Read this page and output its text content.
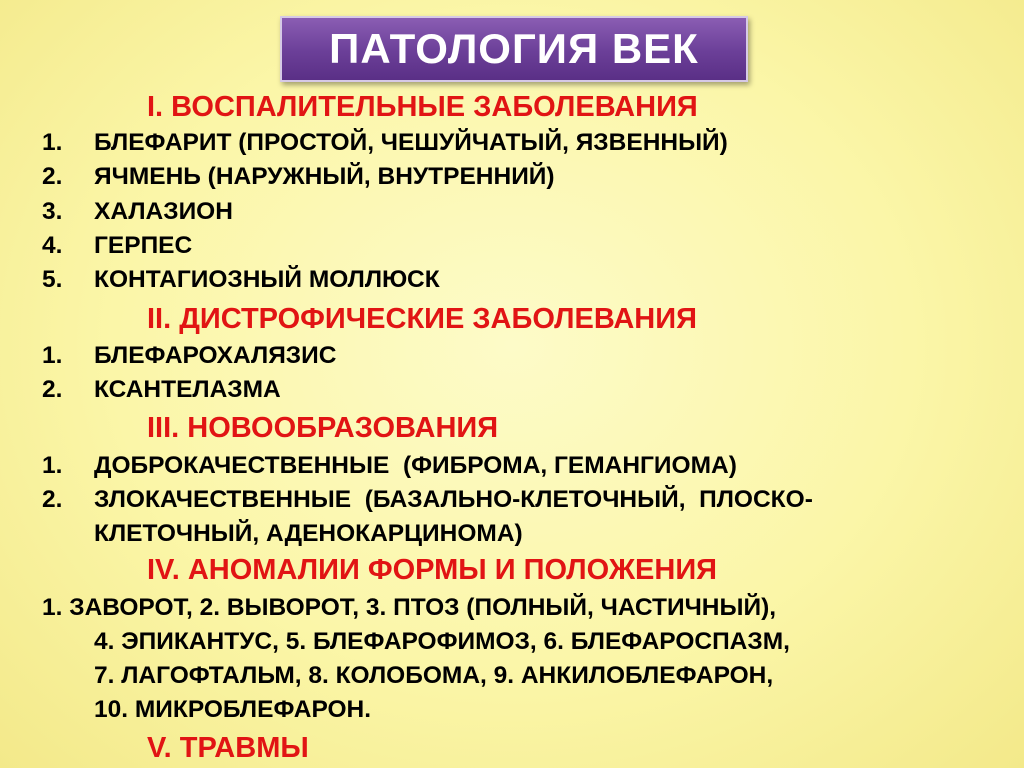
ПАТОЛОГИЯ ВЕК
I. ВОСПАЛИТЕЛЬНЫЕ ЗАБОЛЕВАНИЯ
1. БЛЕФАРИТ (ПРОСТОЙ, ЧЕШУЙЧАТЫЙ, ЯЗВЕННЫЙ)
2. ЯЧМЕНЬ (НАРУЖНЫЙ, ВНУТРЕННИЙ)
3. ХАЛАЗИОН
4. ГЕРПЕС
5. КОНТАГИОЗНЫЙ МОЛЛЮСК
II. ДИСТРОФИЧЕСКИЕ ЗАБОЛЕВАНИЯ
1. БЛЕФАРОХАЛЯЗИС
2. КСАНТЕЛАЗМА
III. НОВООБРАЗОВАНИЯ
1. ДОБРОКАЧЕСТВЕННЫЕ  (ФИБРОМА, ГЕМАНГИОМА)
2. ЗЛОКАЧЕСТВЕННЫЕ  (БАЗАЛЬНО-КЛЕТОЧНЫЙ,  ПЛОСКО-
КЛЕТОЧНЫЙ, АДЕНОКАРЦИНОМА)
IV. АНОМАЛИИ ФОРМЫ И ПОЛОЖЕНИЯ
1. ЗАВОРОТ, 2. ВЫВОРОТ, 3. ПТОЗ (ПОЛНЫЙ, ЧАСТИЧНЫЙ),
4. ЭПИКАНТУС, 5. БЛЕФАРОФИМОЗ, 6. БЛЕФАРОСПАЗМ,
7. ЛАГОФТАЛЬМ, 8. КОЛОБОМА, 9. АНКИЛОБЛЕФАРОН,
10. МИКРОБЛЕФАРОН.
V. ТРАВМЫ
